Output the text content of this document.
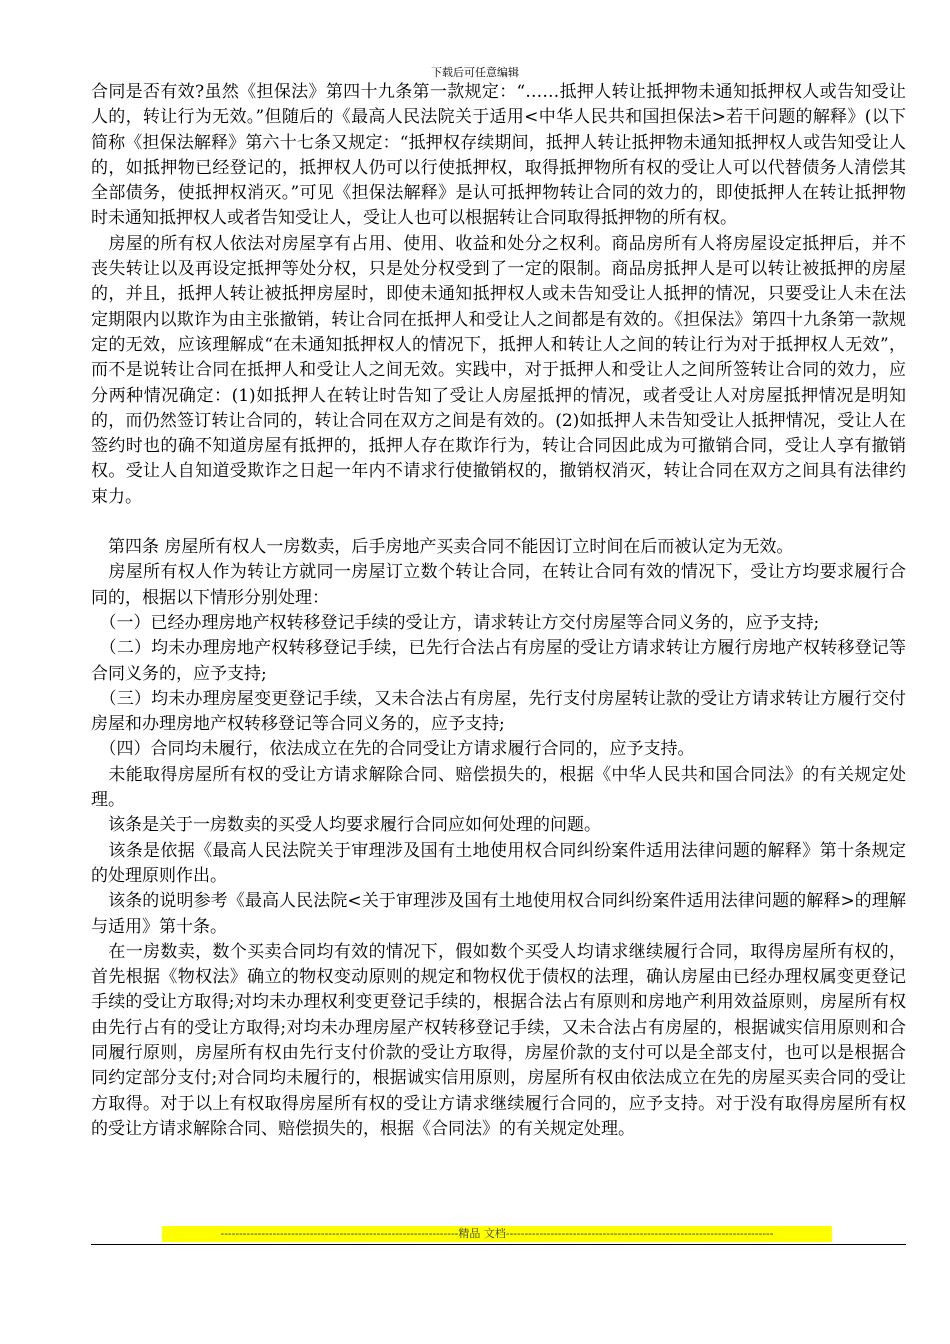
下载后可任意编辑

合同是否有效?虽然《担保法》第四十九条第一款规定：“……抵押人转让抵押物未通知抵押权人或告知受让人的，转让行为无效。”但随后的《最高人民法院关于适用<中华人民共和国担保法>若干问题的解释》(以下简称《担保法解释》第六十七条又规定：“抵押权存续期间，抵押人转让抵押物未通知抵押权人或告知受让人的，如抵押物已经登记的，抵押权人仍可以行使抵押权，取得抵押物所有权的受让人可以代替债务人清偿其全部债务，使抵押权消灭。”可见《担保法解释》是认可抵押物转让合同的效力的，即使抵押人在转让抵押物时未通知抵押权人或者告知受让人，受让人也可以根据转让合同取得抵押物的所有权。

　房屋的所有权人依法对房屋享有占用、使用、收益和处分之权利。商品房所有人将房屋设定抵押后，并不丧失转让以及再设定抵押等处分权，只是处分权受到了一定的限制。商品房抵押人是可以转让被抵押的房屋的，并且，抵押人转让被抵押房屋时，即使未通知抵押权人或未告知受让人抵押的情况，只要受让人未在法定期限内以欺诈为由主张撤销，转让合同在抵押人和受让人之间都是有效的。《担保法》第四十九条第一款规定的无效，应该理解成“在未通知抵押权人的情况下，抵押人和转让人之间的转让行为对于抵押权人无效”，而不是说转让合同在抵押人和受让人之间无效。实践中，对于抵押人和受让人之间所签转让合同的效力，应分两种情况确定：(1)如抵押人在转让时告知了受让人房屋抵押的情况，或者受让人对房屋抵押情况是明知的，而仍然签订转让合同的，转让合同在双方之间是有效的。(2)如抵押人未告知受让人抵押情况，受让人在签约时也的确不知道房屋有抵押的，抵押人存在欺诈行为，转让合同因此成为可撤销合同，受让人享有撤销权。受让人自知道受欺诈之日起一年内不请求行使撤销权的，撤销权消灭，转让合同在双方之间具有法律约束力。

　第四条 房屋所有权人一房数卖，后手房地产买卖合同不能因订立时间在后而被认定为无效。

　房屋所有权人作为转让方就同一房屋订立数个转让合同，在转让合同有效的情况下，受让方均要求履行合同的，根据以下情形分别处理：

　（一）已经办理房地产权转移登记手续的受让方，请求转让方交付房屋等合同义务的，应予支持;

　（二）均未办理房地产权转移登记手续，已先行合法占有房屋的受让方请求转让方履行房地产权转移登记等合同义务的，应予支持;

　（三）均未办理房屋变更登记手续，又未合法占有房屋，先行支付房屋转让款的受让方请求转让方履行交付房屋和办理房地产权转移登记等合同义务的，应予支持;

　（四）合同均未履行，依法成立在先的合同受让方请求履行合同的，应予支持。

　未能取得房屋所有权的受让方请求解除合同、赔偿损失的，根据《中华人民共和国合同法》的有关规定处理。

　该条是关于一房数卖的买受人均要求履行合同应如何处理的问题。

　该条是依据《最高人民法院关于审理涉及国有土地使用权合同纠纷案件适用法律问题的解释》第十条规定的处理原则作出。

　该条的说明参考《最高人民法院<关于审理涉及国有土地使用权合同纠纷案件适用法律问题的解释>的理解与适用》第十条。

　在一房数卖，数个买卖合同均有效的情况下，假如数个买受人均请求继续履行合同，取得房屋所有权的，首先根据《物权法》确立的物权变动原则的规定和物权优于债权的法理，确认房屋由已经办理权属变更登记手续的受让方取得;对均未办理权利变更登记手续的，根据合法占有原则和房地产利用效益原则，房屋所有权由先行占有的受让方取得;对均未办理房屋产权转移登记手续，又未合法占有房屋的，根据诚实信用原则和合同履行原则，房屋所有权由先行支付价款的受让方取得，房屋价款的支付可以是全部支付，也可以是根据合同约定部分支付;对合同均未履行的，根据诚实信用原则，房屋所有权由依法成立在先的房屋买卖合同的受让方取得。对于以上有权取得房屋所有权的受让方请求继续履行合同的，应予支持。对于没有取得房屋所有权的受让方请求解除合同、赔偿损失的，根据《合同法》的有关规定处理。

----------------------------------------------------------------精品 文档------------------------------------------------------------------------
